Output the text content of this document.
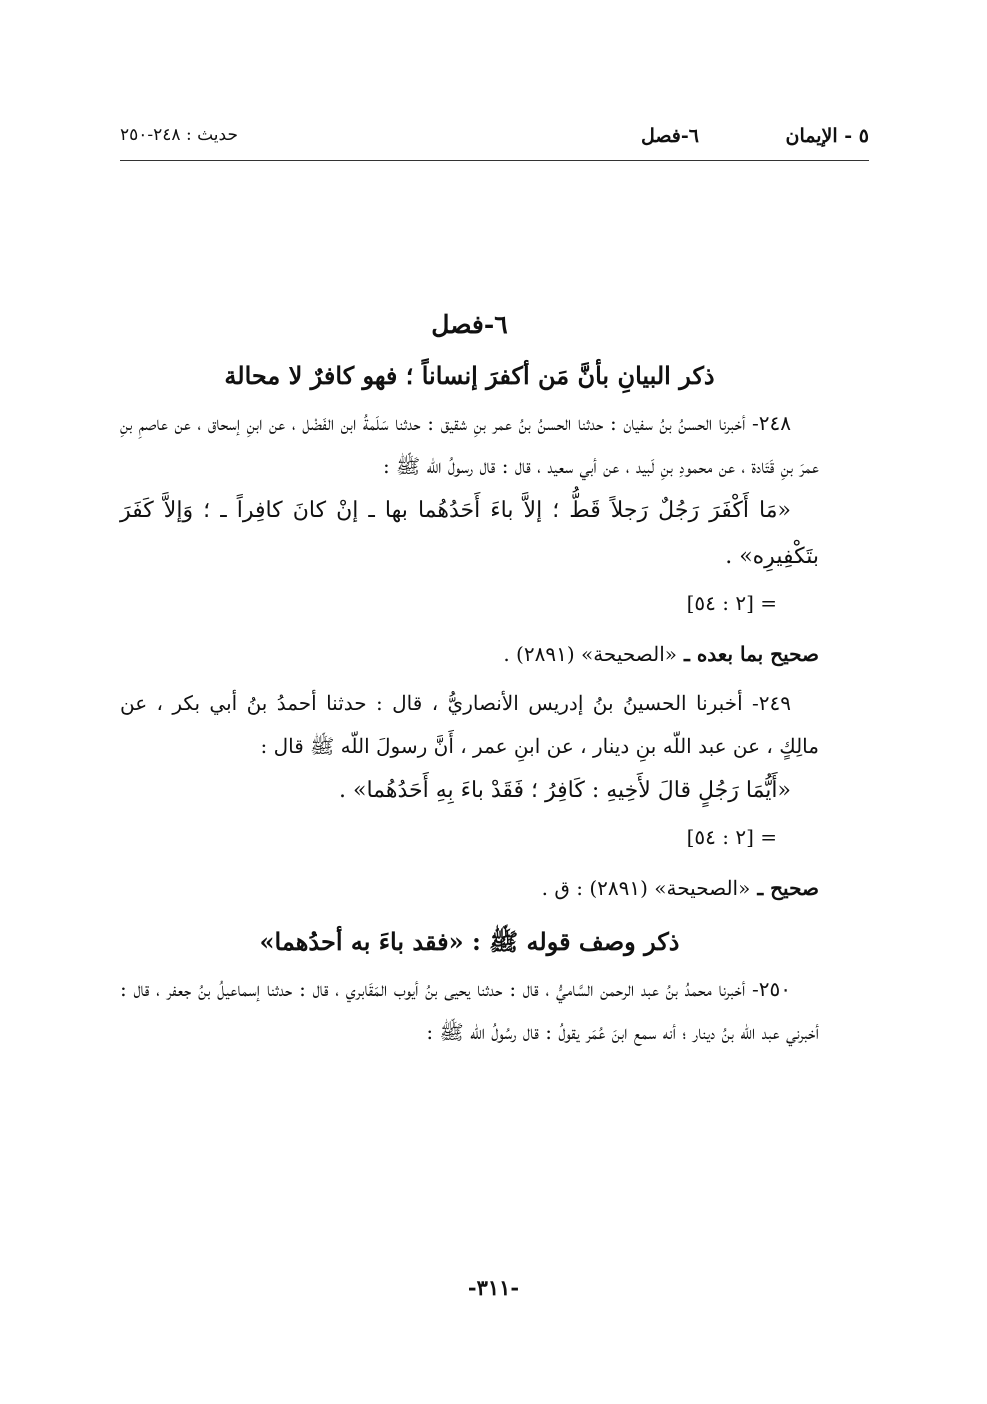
٥ - الإيمان
٦-فصل
حديث : ٢٤٨-٢٥٠
٦-فصل
ذكر البيانِ بأنَّ مَن أكفرَ إنساناً ؛ فهو كافرٌ لا محالة
٢٤٨- أخبرنا الحسنُ بنُ سفيان : حدثنا الحسنُ بنُ عمر بنِ شقيق : حدثنا سَلَمةُ ابن الفَضْل ، عن ابنِ إسحاق ، عن عاصمِ بنِ عمرَ بنِ قَتَادة ، عن محمودِ بنِ لَبيد ، عن أبي سعيد ، قال : قال رسولُ اللّه ﷺ :
«مَا أَكْفَرَ رَجُلٌ رَجلاً قَطُّ ؛ إلاَّ باءَ أَحَدُهُما بها ـ إنْ كانَ كافِراً ـ ؛ وَإلاَّ كَفَرَ بتَكْفِيرِه» .
= [٢ : ٥٤]
صحيح بما بعده ـ «الصحيحة» (٢٨٩١) .
٢٤٩- أخبرنا الحسينُ بنُ إدريس الأنصاريُّ ، قال : حدثنا أحمدُ بنُ أبي بكر ، عن مالِكٍ ، عن عبد اللّه بنِ دينار ، عن ابنِ عمر ، أَنَّ رسولَ اللّه ﷺ قال :
«أَيُّمَا رَجُلٍ قالَ لأَخِيهِ : كَافِرُ ؛ فَقَدْ باءَ بِهِ أَحَدُهُما» .
= [٢ : ٥٤]
صحيح ـ «الصحيحة» (٢٨٩١) : ق .
ذكر وصف قوله ﷺ : «فقد باءَ به أحدُهما»
٢٥٠- أخبرنا محمدُ بنُ عبد الرحمن السَّاميُّ ، قال : حدثنا يحيى بنُ أيوب المَقَابري ، قال : حدثنا إسماعيلُ بنُ جعفر ، قال : أخبرني عبد اللّه بنُ دينار ؛ أنه سمع ابنَ عُمَر يقولُ : قال رسُولُ اللّه ﷺ :
-٣١١-
